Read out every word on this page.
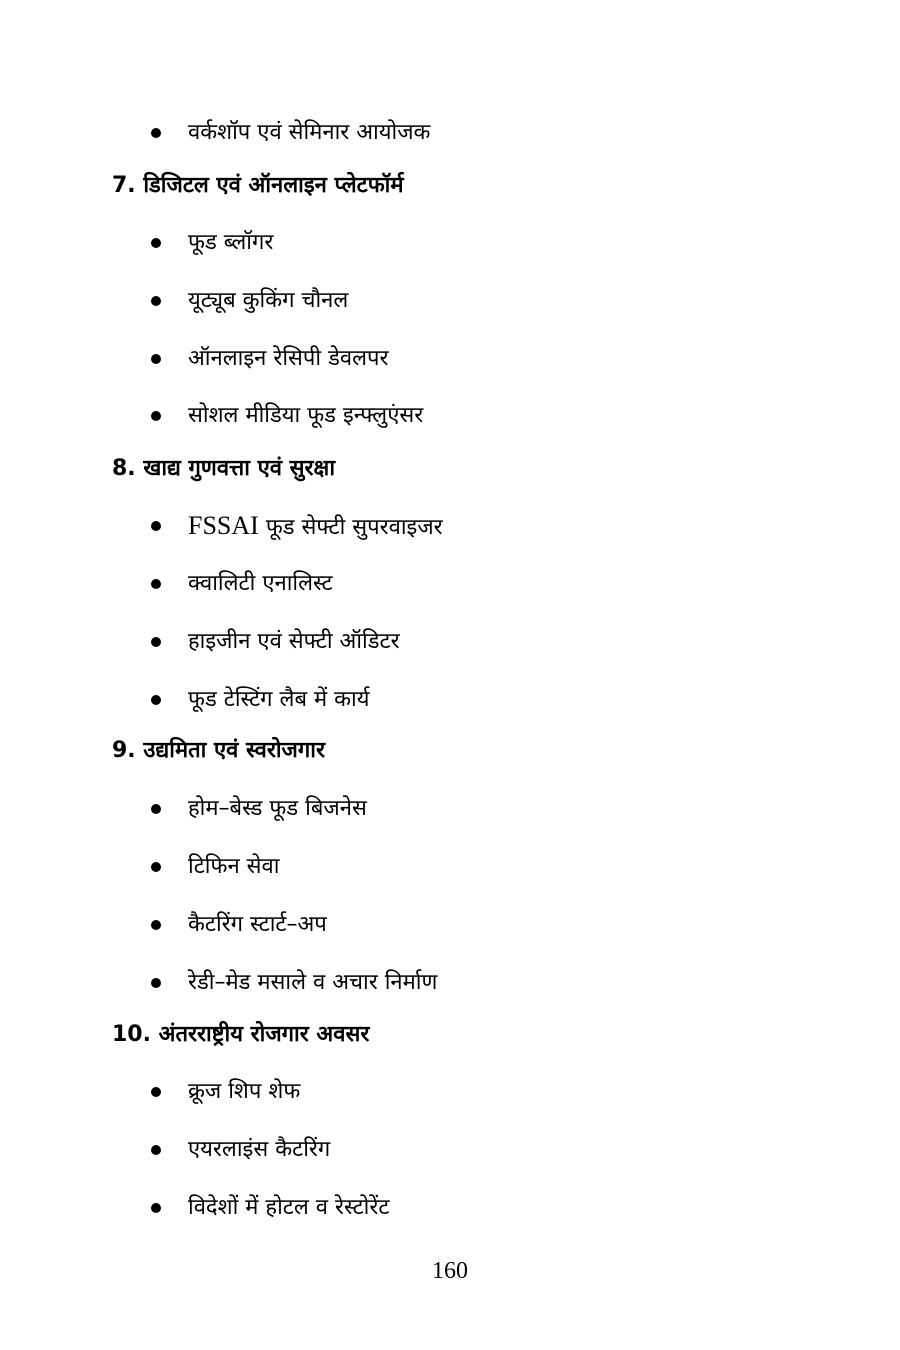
वर्कशॉप एवं सेमिनार आयोजक
7. डिजिटल एवं ऑनलाइन प्लेटफॉर्म
फूड ब्लॉगर
यूट्यूब कुकिंग चौनल
ऑनलाइन रेसिपी डेवलपर
सोशल मीडिया फूड इन्फ्लुएंसर
8. खाद्य गुणवत्ता एवं सुरक्षा
FSSAI फूड सेफ्टी सुपरवाइजर
क्वालिटी एनालिस्ट
हाइजीन एवं सेफ्टी ऑडिटर
फूड टेस्टिंग लैब में कार्य
9. उद्यमिता एवं स्वरोजगार
होम–बेस्ड फूड बिजनेस
टिफिन सेवा
कैटरिंग स्टार्ट–अप
रेडी–मेड मसाले व अचार निर्माण
10. अंतरराष्ट्रीय रोजगार अवसर
क्रूज शिप शेफ
एयरलाइंस कैटरिंग
विदेशों में होटल व रेस्टोरेंट
160
